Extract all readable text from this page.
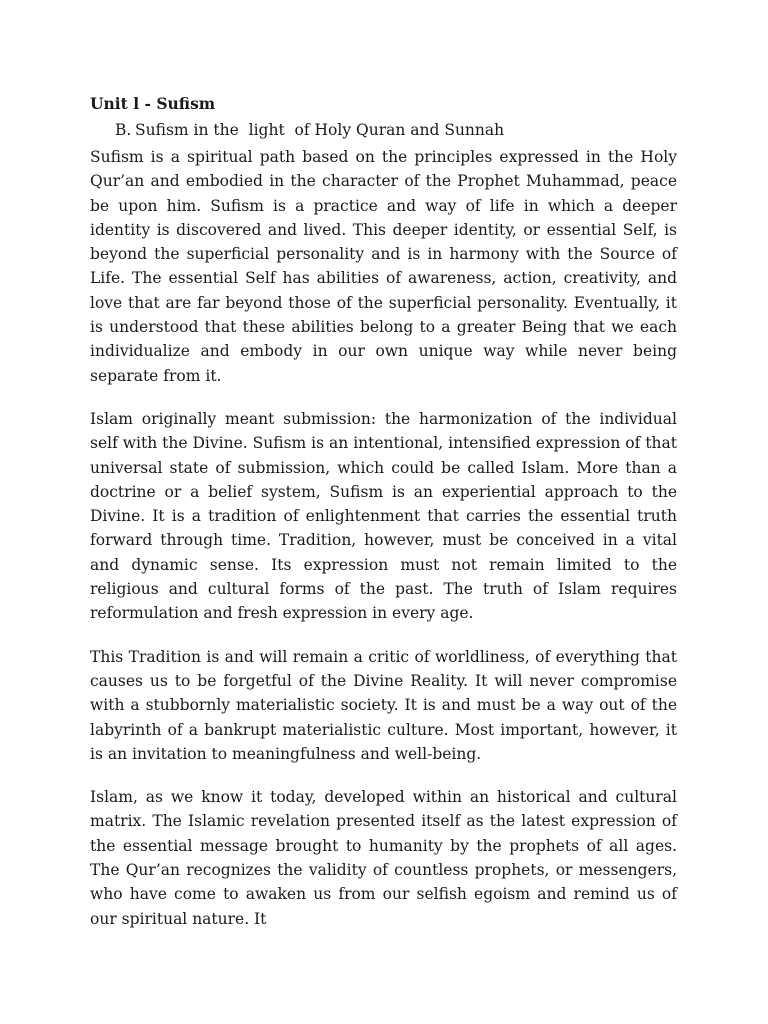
Unit l - Sufism
B. Sufism in the  light  of Holy Quran and Sunnah

Sufism is a spiritual path based on the principles expressed in the Holy Qur’an and embodied in the character of the Prophet Muhammad, peace be upon him. Sufism is a practice and way of life in which a deeper identity is discovered and lived. This deeper identity, or essential Self, is beyond the superficial personality and is in harmony with the Source of Life. The essential Self has abilities of awareness, action, creativity, and love that are far beyond those of the superficial personality. Eventually, it is understood that these abilities belong to a greater Being that we each individualize and embody in our own unique way while never being separate from it.

Islam originally meant submission: the harmonization of the individual self with the Divine. Sufism is an intentional, intensified expression of that universal state of submission, which could be called Islam. More than a doctrine or a belief system, Sufism is an experiential approach to the Divine. It is a tradition of enlightenment that carries the essential truth forward through time. Tradition, however, must be conceived in a vital and dynamic sense. Its expression must not remain limited to the religious and cultural forms of the past. The truth of Islam requires reformulation and fresh expression in every age.

This Tradition is and will remain a critic of worldliness, of everything that causes us to be forgetful of the Divine Reality. It will never compromise with a stubbornly materialistic society. It is and must be a way out of the labyrinth of a bankrupt materialistic culture. Most important, however, it is an invitation to meaningfulness and well-being.

Islam, as we know it today, developed within an historical and cultural matrix. The Islamic revelation presented itself as the latest expression of the essential message brought to humanity by the prophets of all ages. The Qur’an recognizes the validity of countless prophets, or messengers, who have come to awaken us from our selfish egoism and remind us of our spiritual nature. It
